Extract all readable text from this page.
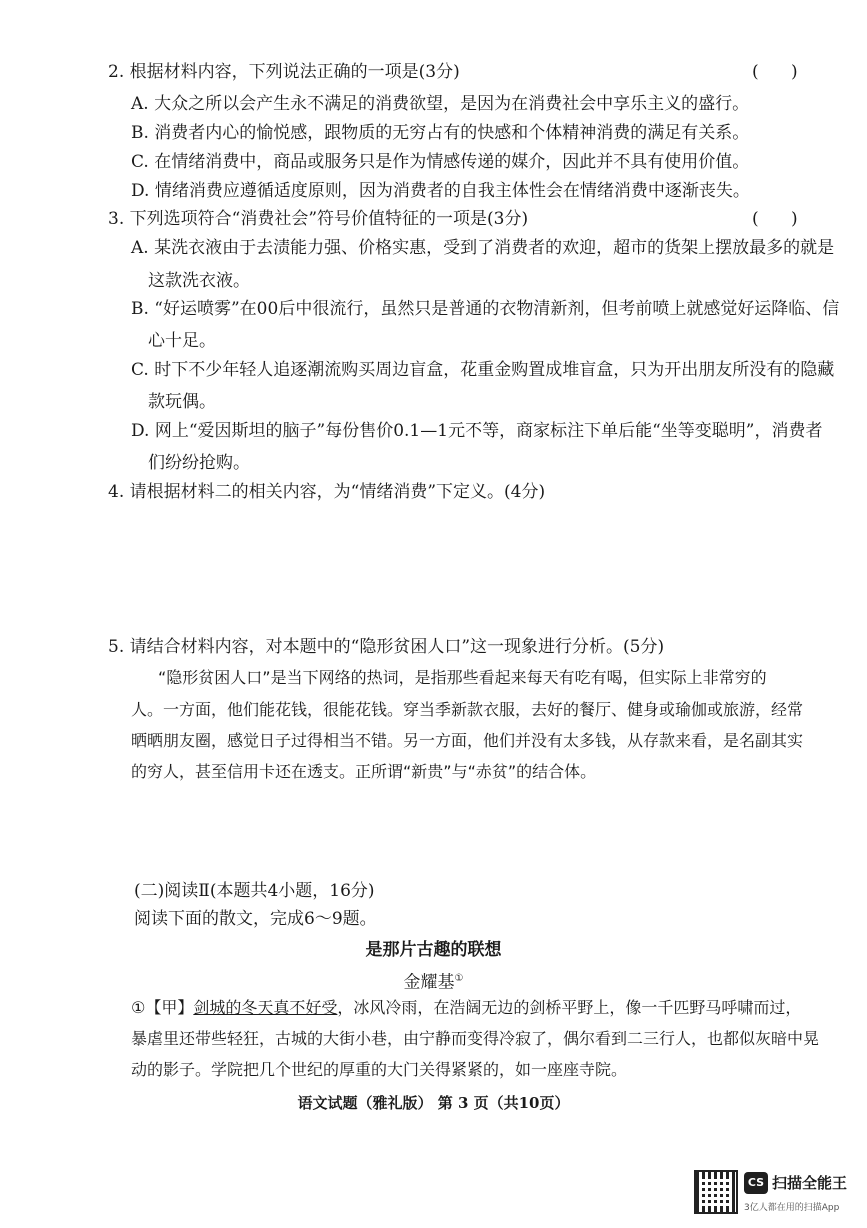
2. 根据材料内容，下列说法正确的一项是(3分)	(      )
A. 大众之所以会产生永不满足的消费欲望，是因为在消费社会中享乐主义的盛行。
B. 消费者内心的愉悦感，跟物质的无穷占有的快感和个体精神消费的满足有关系。
C. 在情绪消费中，商品或服务只是作为情感传递的媒介，因此并不具有使用价值。
D. 情绪消费应遵循适度原则，因为消费者的自我主体性会在情绪消费中逐渐丧失。
3. 下列选项符合“消费社会”符号价值特征的一项是(3分)	(      )
A. 某洗衣液由于去渍能力强、价格实惠，受到了消费者的欢迎，超市的货架上摆放最多的就是
这款洗衣液。
B. “好运喷雾”在00后中很流行，虽然只是普通的衣物清新剂，但考前喷上就感觉好运降临、信
心十足。
C. 时下不少年轻人追逐潮流购买周边盲盒，花重金购置成堆盲盒，只为开出朋友所没有的隐藏
款玩偶。
D. 网上“爱因斯坦的脑子”每份售价0.1—1元不等，商家标注下单后能“坐等变聪明”，消费者
们纷纷抢购。
4. 请根据材料二的相关内容，为“情绪消费”下定义。(4分)
5. 请结合材料内容，对本题中的“隐形贫困人口”这一现象进行分析。(5分)
“隐形贫困人口”是当下网络的热词，是指那些看起来每天有吃有喝，但实际上非常穷的
人。一方面，他们能花钱，很能花钱。穿当季新款衣服，去好的餐厅、健身或瑜伽或旅游，经常
晒晒朋友圈，感觉日子过得相当不错。另一方面，他们并没有太多钱，从存款来看，是名副其实
的穷人，甚至信用卡还在透支。正所谓“新贵”与“赤贫”的结合体。
(二)阅读Ⅱ(本题共4小题，16分)
阅读下面的散文，完成6～9题。
是那片古趣的联想
金耀基①
①【甲】剑城的冬天真不好受，冰风冷雨，在浩阔无边的剑桥平野上，像一千匹野马呼啸而过，
暴虐里还带些轻狂，古城的大街小巷，由宁静而变得冷寂了，偶尔看到二三行人，也都似灰暗中晃
动的影子。学院把几个世纪的厚重的大门关得紧紧的，如一座座寺院。
语文试题（雅礼版） 第 3 页（共10页）
CS 扫描全能王
3亿人都在用的扫描App
